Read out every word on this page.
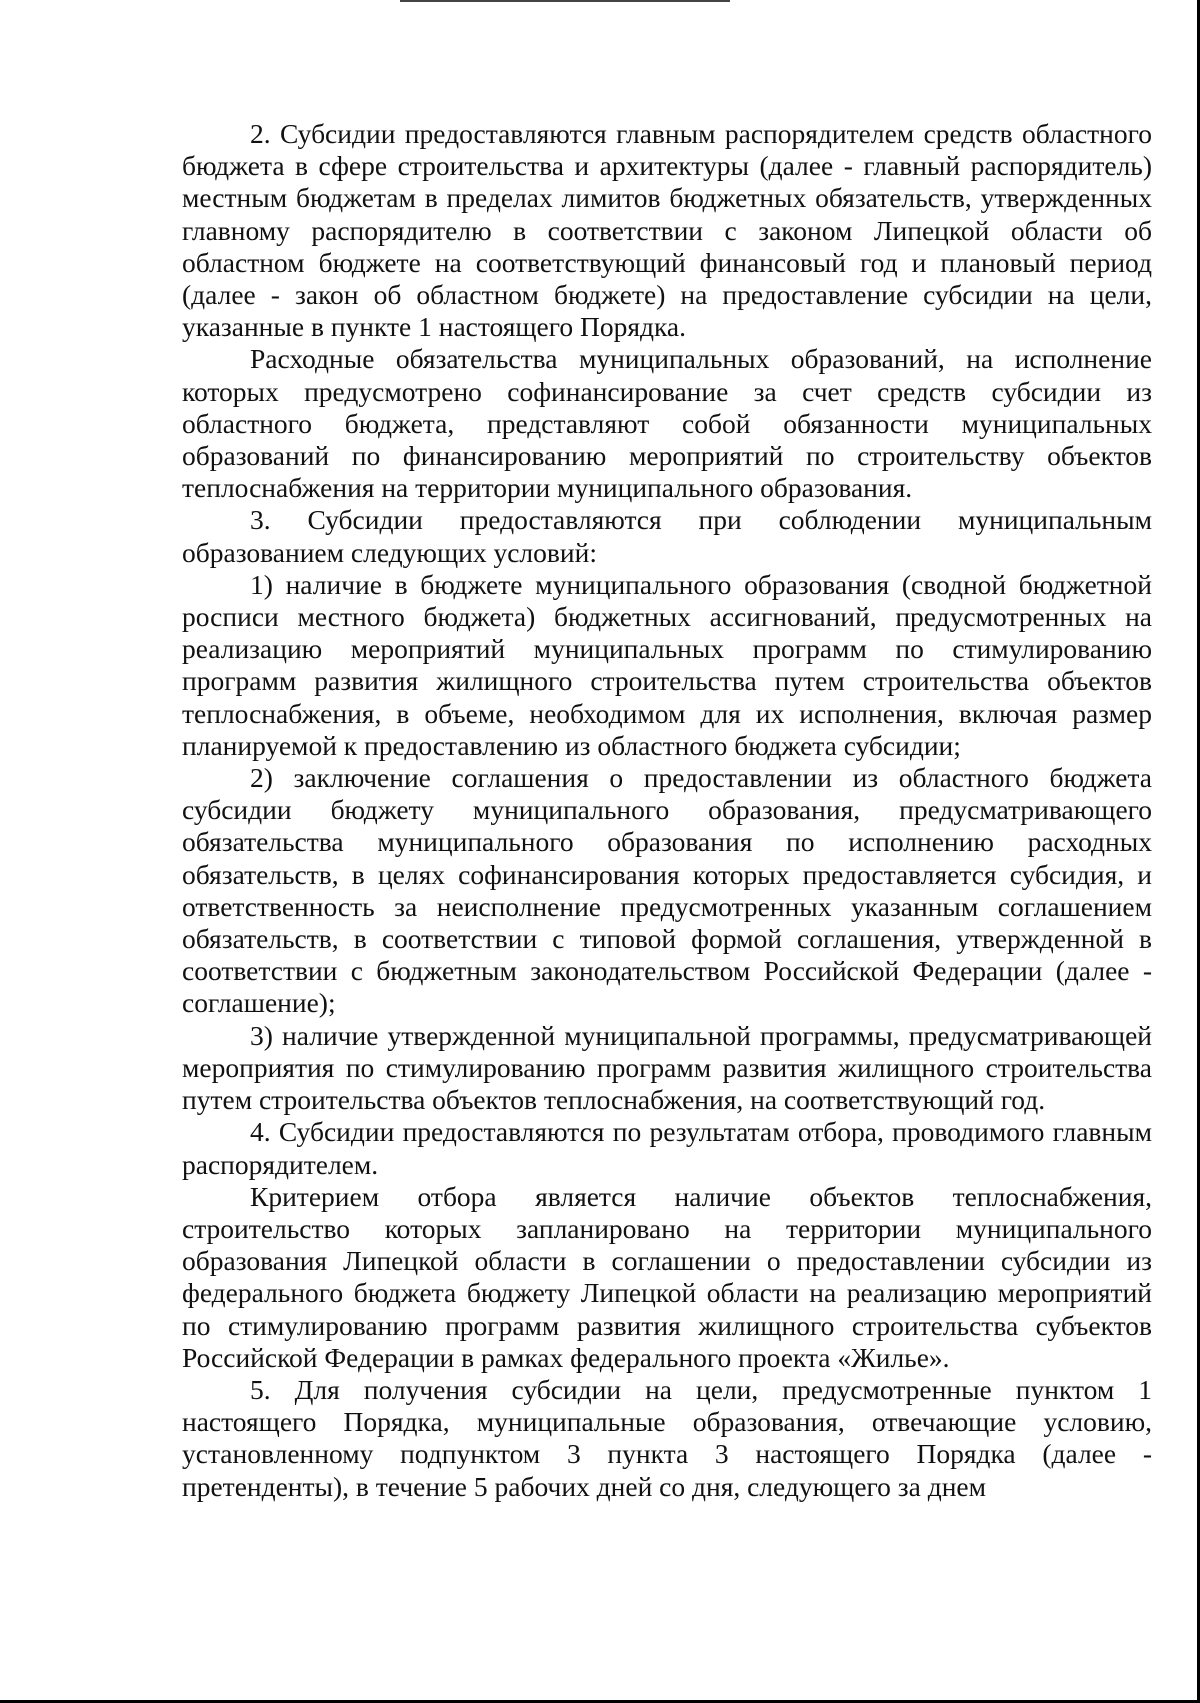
2. Субсидии предоставляются главным распорядителем средств областного бюджета в сфере строительства и архитектуры (далее - главный распорядитель) местным бюджетам в пределах лимитов бюджетных обязательств, утвержденных главному распорядителю в соответствии с законом Липецкой области об областном бюджете на соответствующий финансовый год и плановый период (далее - закон об областном бюджете) на предоставление субсидии на цели, указанные в пункте 1 настоящего Порядка.

Расходные обязательства муниципальных образований, на исполнение которых предусмотрено софинансирование за счет средств субсидии из областного бюджета, представляют собой обязанности муниципальных образований по финансированию мероприятий по строительству объектов теплоснабжения на территории муниципального образования.

3. Субсидии предоставляются при соблюдении муниципальным образованием следующих условий:

1) наличие в бюджете муниципального образования (сводной бюджетной росписи местного бюджета) бюджетных ассигнований, предусмотренных на реализацию мероприятий муниципальных программ по стимулированию программ развития жилищного строительства путем строительства объектов теплоснабжения, в объеме, необходимом для их исполнения, включая размер планируемой к предоставлению из областного бюджета субсидии;

2) заключение соглашения о предоставлении из областного бюджета субсидии бюджету муниципального образования, предусматривающего обязательства муниципального образования по исполнению расходных обязательств, в целях софинансирования которых предоставляется субсидия, и ответственность за неисполнение предусмотренных указанным соглашением обязательств, в соответствии с типовой формой соглашения, утвержденной в соответствии с бюджетным законодательством Российской Федерации (далее - соглашение);

3) наличие утвержденной муниципальной программы, предусматривающей мероприятия по стимулированию программ развития жилищного строительства путем строительства объектов теплоснабжения, на соответствующий год.

4. Субсидии предоставляются по результатам отбора, проводимого главным распорядителем.

Критерием отбора является наличие объектов теплоснабжения, строительство которых запланировано на территории муниципального образования Липецкой области в соглашении о предоставлении субсидии из федерального бюджета бюджету Липецкой области на реализацию мероприятий по стимулированию программ развития жилищного строительства субъектов Российской Федерации в рамках федерального проекта «Жилье».

5. Для получения субсидии на цели, предусмотренные пунктом 1 настоящего Порядка, муниципальные образования, отвечающие условию, установленному подпунктом 3 пункта 3 настоящего Порядка (далее - претенденты), в течение 5 рабочих дней со дня, следующего за днем
